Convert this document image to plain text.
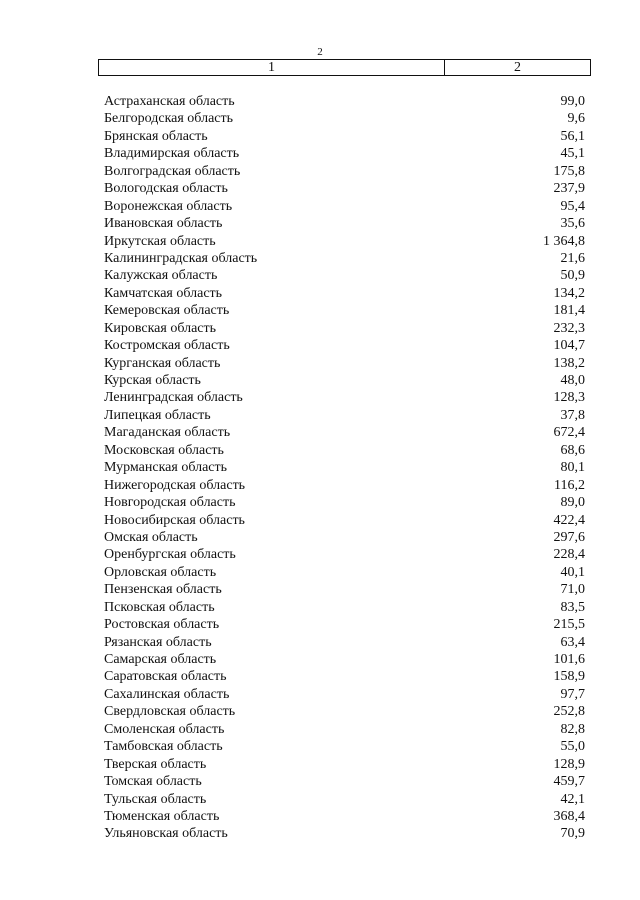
2
1	2
Астраханская область	99,0
Белгородская область	9,6
Брянская область	56,1
Владимирская область	45,1
Волгоградская область	175,8
Вологодская область	237,9
Воронежская область	95,4
Ивановская область	35,6
Иркутская область	1 364,8
Калининградская область	21,6
Калужская область	50,9
Камчатская область	134,2
Кемеровская область	181,4
Кировская область	232,3
Костромская область	104,7
Курганская область	138,2
Курская область	48,0
Ленинградская область	128,3
Липецкая область	37,8
Магаданская область	672,4
Московская область	68,6
Мурманская область	80,1
Нижегородская область	116,2
Новгородская область	89,0
Новосибирская область	422,4
Омская область	297,6
Оренбургская область	228,4
Орловская область	40,1
Пензенская область	71,0
Псковская область	83,5
Ростовская область	215,5
Рязанская область	63,4
Самарская область	101,6
Саратовская область	158,9
Сахалинская область	97,7
Свердловская область	252,8
Смоленская область	82,8
Тамбовская область	55,0
Тверская область	128,9
Томская область	459,7
Тульская область	42,1
Тюменская область	368,4
Ульяновская область	70,9
